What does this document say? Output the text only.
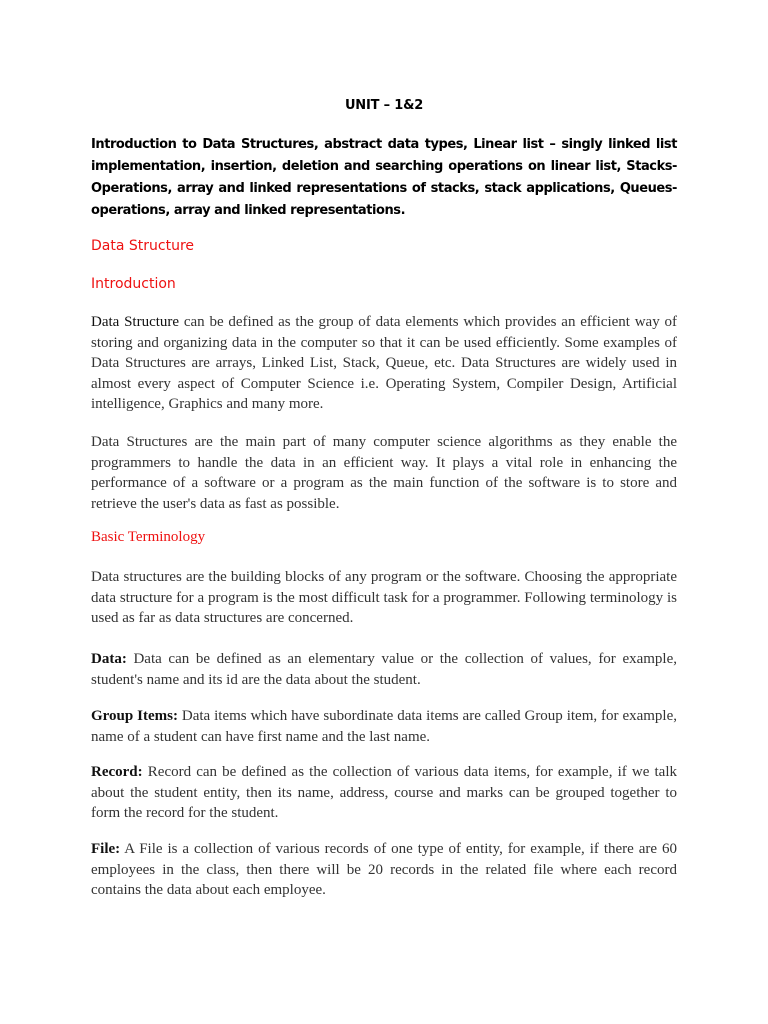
UNIT – 1&2
Introduction to Data Structures, abstract data types, Linear list – singly linked list implementation, insertion, deletion and searching operations on linear list, Stacks-Operations, array and linked representations of stacks, stack applications, Queues-operations, array and linked representations.
Data Structure
Introduction
Data Structure can be defined as the group of data elements which provides an efficient way of storing and organizing data in the computer so that it can be used efficiently. Some examples of Data Structures are arrays, Linked List, Stack, Queue, etc. Data Structures are widely used in almost every aspect of Computer Science i.e. Operating System, Compiler Design, Artificial intelligence, Graphics and many more.
Data Structures are the main part of many computer science algorithms as they enable the programmers to handle the data in an efficient way. It plays a vital role in enhancing the performance of a software or a program as the main function of the software is to store and retrieve the user's data as fast as possible.
Basic Terminology
Data structures are the building blocks of any program or the software. Choosing the appropriate data structure for a program is the most difficult task for a programmer. Following terminology is used as far as data structures are concerned.
Data: Data can be defined as an elementary value or the collection of values, for example, student's name and its id are the data about the student.
Group Items: Data items which have subordinate data items are called Group item, for example, name of a student can have first name and the last name.
Record: Record can be defined as the collection of various data items, for example, if we talk about the student entity, then its name, address, course and marks can be grouped together to form the record for the student.
File: A File is a collection of various records of one type of entity, for example, if there are 60 employees in the class, then there will be 20 records in the related file where each record contains the data about each employee.
